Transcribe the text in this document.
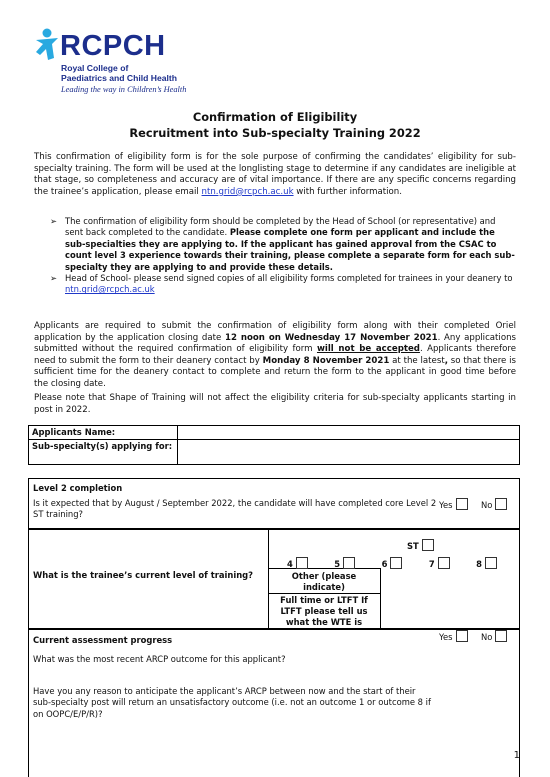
RCPCH
Royal College of
Paediatrics and Child Health
Leading the way in Children’s Health
Confirmation of Eligibility
Recruitment into Sub-specialty Training 2022
This confirmation of eligibility form is for the sole purpose of confirming the candidates’ eligibility for sub-specialty training. The form will be used at the longlisting stage to determine if any candidates are ineligible at that stage, so completeness and accuracy are of vital importance. If there are any specific concerns regarding the trainee’s application, please email ntn.grid@rcpch.ac.uk with further information.
➢ The confirmation of eligibility form should be completed by the Head of School (or representative) and sent back completed to the candidate. Please complete one form per applicant and include the sub-specialties they are applying to. If the applicant has gained approval from the CSAC to count level 3 experience towards their training, please complete a separate form for each sub-specialty they are applying to and provide these details.
➢ Head of School- please send signed copies of all eligibility forms completed for trainees in your deanery to ntn.grid@rcpch.ac.uk
Applicants are required to submit the confirmation of eligibility form along with their completed Oriel application by the application closing date 12 noon on Wednesday 17 November 2021. Any applications submitted without the required confirmation of eligibility form will not be accepted. Applicants therefore need to submit the form to their deanery contact by Monday 8 November 2021 at the latest, so that there is sufficient time for the deanery contact to complete and return the form to the applicant in good time before the closing date.
Please note that Shape of Training will not affect the eligibility criteria for sub-specialty applicants starting in post in 2022.
Applicants Name:	
Sub-specialty(s) applying for:	
Level 2 completion
Is it expected that by August / September 2022, the candidate will have completed core Level 2 ST training?
Yes	No
What is the trainee’s current level of training?
ST
4	5	6	7	8
Other (please indicate)
Full time or LTFT If LTFT please tell us what the WTE is
Current assessment progress	Yes	No
What was the most recent ARCP outcome for this applicant?
Have you any reason to anticipate the applicant’s ARCP between now and the start of their sub-specialty post will return an unsatisfactory outcome (i.e. not an outcome 1 or outcome 8 if on OOPC/E/P/R)?
1
